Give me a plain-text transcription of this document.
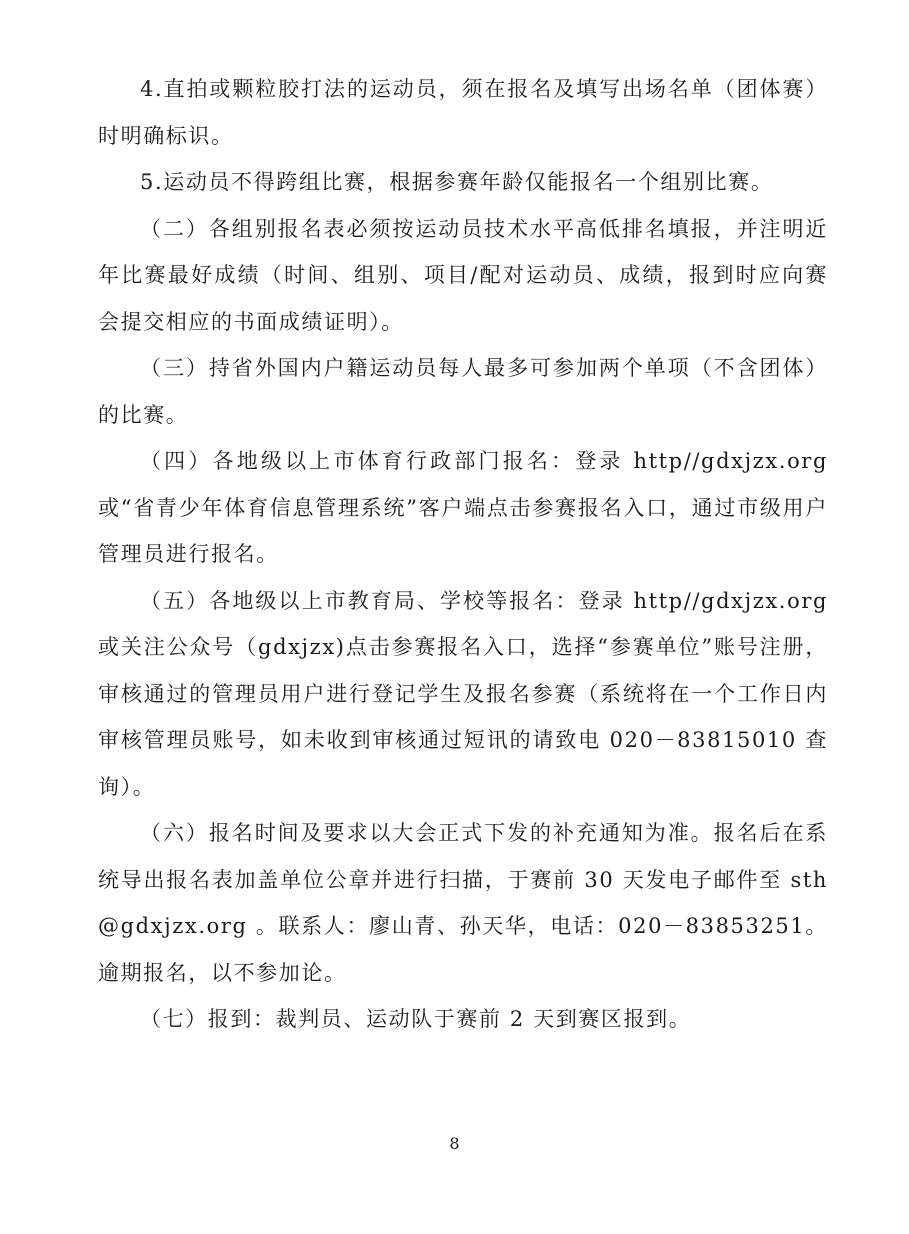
4.直拍或颗粒胶打法的运动员，须在报名及填写出场名单（团体赛）时明确标识。

5.运动员不得跨组比赛，根据参赛年龄仅能报名一个组别比赛。

（二）各组别报名表必须按运动员技术水平高低排名填报，并注明近年比赛最好成绩（时间、组别、项目/配对运动员、成绩，报到时应向赛会提交相应的书面成绩证明）。

（三）持省外国内户籍运动员每人最多可参加两个单项（不含团体）的比赛。

（四）各地级以上市体育行政部门报名：登录 http//gdxjzx.org 或“省青少年体育信息管理系统”客户端点击参赛报名入口，通过市级用户管理员进行报名。

（五）各地级以上市教育局、学校等报名：登录 http//gdxjzx.org 或关注公众号（gdxjzx)点击参赛报名入口，选择“参赛单位”账号注册，审核通过的管理员用户进行登记学生及报名参赛（系统将在一个工作日内审核管理员账号，如未收到审核通过短讯的请致电 020－83815010 查询）。

（六）报名时间及要求以大会正式下发的补充通知为准。报名后在系统导出报名表加盖单位公章并进行扫描，于赛前 30 天发电子邮件至 sth@gdxjzx.org 。联系人：廖山青、孙天华，电话：020－83853251。逾期报名，以不参加论。

（七）报到：裁判员、运动队于赛前 2 天到赛区报到。

8
